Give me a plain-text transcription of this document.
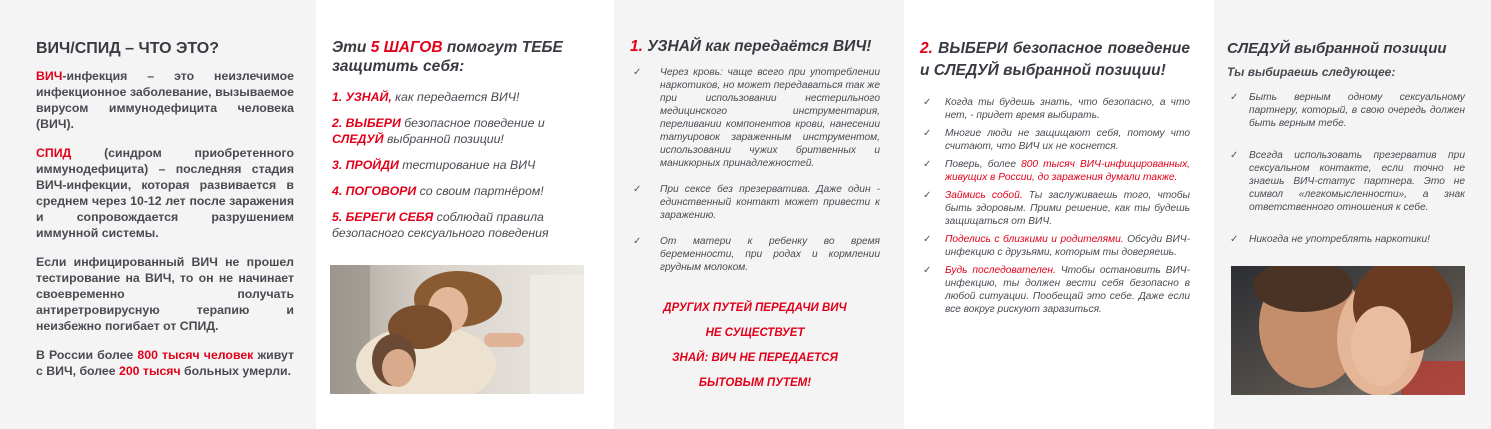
ВИЧ/СПИД – ЧТО ЭТО?

ВИЧ-инфекция – это неизлечимое инфекционное заболевание, вызываемое вирусом иммунодефицита человека (ВИЧ).

СПИД (синдром приобретенного иммунодефицита) – последняя стадия ВИЧ-инфекции, которая развивается в среднем через 10-12 лет после заражения и сопровождается разрушением иммунной системы.

Если инфицированный ВИЧ не прошел тестирование на ВИЧ, то он не начинает своевременно получать антиретровирусную терапию и неизбежно погибает от СПИД.

В России более 800 тысяч человек живут с ВИЧ, более 200 тысяч больных умерли.

Эти 5 ШАГОВ помогут ТЕБЕ защитить себя:
1. УЗНАЙ, как передается ВИЧ!
2. ВЫБЕРИ безопасное поведение и СЛЕДУЙ выбранной позиции!
3. ПРОЙДИ тестирование на ВИЧ
4. ПОГОВОРИ со своим партнёром!
5. БЕРЕГИ СЕБЯ соблюдай правила безопасного сексуального поведения
1. УЗНАЙ как передаётся ВИЧ!
✓ Через кровь: чаще всего при употреблении наркотиков, но может передаваться так же при использовании нестерильного медицинского инструментария, переливании компонентов крови, нанесении татуировок зараженным инструментом, использовании чужих бритвенных и маникюрных принадлежностей.
✓ При сексе без презерватива. Даже один - единственный контакт может привести к заражению.
✓ От матери к ребенку во время беременности, при родах и кормлении грудным молоком.
ДРУГИХ ПУТЕЙ ПЕРЕДАЧИ ВИЧ
НЕ СУЩЕСТВУЕТ
ЗНАЙ: ВИЧ НЕ ПЕРЕДАЕТСЯ
БЫТОВЫМ ПУТЕМ!
2. ВЫБЕРИ безопасное поведение и СЛЕДУЙ выбранной позиции!
✓ Когда ты будешь знать, что безопасно, а что нет, - придет время выбирать.
✓ Многие люди не защищают себя, потому что считают, что ВИЧ их не коснется.
✓ Поверь, более 800 тысяч ВИЧ-инфицированных, живущих в России, до заражения думали также.
✓ Займись собой. Ты заслуживаешь того, чтобы быть здоровым. Прими решение, как ты будешь защищаться от ВИЧ.
✓ Поделись с близкими и родителями. Обсуди ВИЧ-инфекцию с друзьями, которым ты доверяешь.
✓ Будь последователен. Чтобы остановить ВИЧ-инфекцию, ты должен вести себя безопасно в любой ситуации. Пообещай это себе. Даже если все вокруг рискуют заразиться.
СЛЕДУЙ выбранной позиции
Ты выбираешь следующее:
✓ Быть верным одному сексуальному партнеру, который, в свою очередь должен быть верным тебе.
✓ Всегда использовать презерватив при сексуальном контакте, если точно не знаешь ВИЧ-статус партнера. Это не символ «легкомысленности», а знак ответственного отношения к себе.
✓ Никогда не употреблять наркотики!
